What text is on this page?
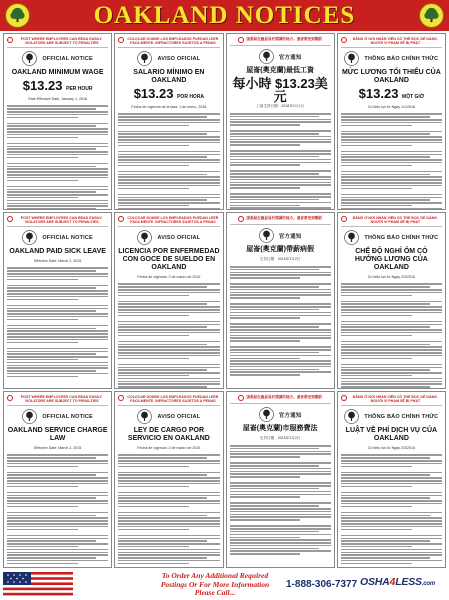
OAKLAND NOTICES
POST WHERE EMPLOYEES CAN READ EASILY. VIOLATORS ARE SUBJECT TO PENALTIES
OFFICIAL NOTICE
OAKLAND MINIMUM WAGE
$13.23 PER HOUR
Rate Effective Date, January 1, 2018
COLOCAR DONDE LOS EMPLEADOS PUEDAN LEER FÁCILMENTE. INFRACTORES SUJETOS A PENAS
AVISO OFICIAL
SALARIO MÍNIMO EN OAKLAND
$13.23 POR HORA
Fecha de vigencia de la tasa: 1 de enero, 2018
請張貼在僱員易於閱讀的地方。違者將受到懲罰
官方通知
屋崙(奧克蘭)最低工資
每小時 $13.23美元
工資生效日期：2018年1月1日
ĐĂNG Ở NƠI NHÂN VIÊN CÓ THỂ ĐỌC DỄ DÀNG. NGƯỜI VI PHẠM SẼ BỊ PHẠT
THÔNG BÁO CHÍNH THỨC
MỨC LƯƠNG TỐI THIỂU CỦA OAKLAND
$13.23 MỘT GIỜ
Có hiệu lực từ Ngày 1/1/2018
POST WHERE EMPLOYEES CAN READ EASILY. VIOLATORS ARE SUBJECT TO PENALTIES
OFFICIAL NOTICE
OAKLAND PAID SICK LEAVE
Effective Date: March 2, 2015
COLOCAR DONDE LOS EMPLEADOS PUEDAN LEER FÁCILMENTE. INFRACTORES SUJETOS A PENAS
AVISO OFICIAL
LICENCIA POR ENFERMEDAD CON GOCE DE SUELDO EN OAKLAND
Fecha de vigencia: 2 de marzo de 2015
請張貼在僱員易於閱讀的地方。違者將受到懲罰
官方通知
屋崙(奧克蘭)帶薪病假
生效日期：2015年3月2日
ĐĂNG Ở NƠI NHÂN VIÊN CÓ THỂ ĐỌC DỄ DÀNG. NGƯỜI VI PHẠM SẼ BỊ PHẠT
THÔNG BÁO CHÍNH THỨC
CHẾ ĐỘ NGHỈ ỐM CÓ HƯỞNG LƯƠNG CỦA OAKLAND
Có hiệu lực từ Ngày 2/3/2015
POST WHERE EMPLOYEES CAN READ EASILY. VIOLATORS ARE SUBJECT TO PENALTIES
OFFICIAL NOTICE
OAKLAND SERVICE CHARGE LAW
Effective Date: March 2, 2015
COLOCAR DONDE LOS EMPLEADOS PUEDAN LEER FÁCILMENTE. INFRACTORES SUJETOS A PENAS
AVISO OFICIAL
LEY DE CARGO POR SERVICIO EN OAKLAND
Fecha de vigencia: 2 de marzo de 2015
請張貼在僱員易於閱讀的地方。違者將受到懲罰
官方通知
屋崙(奧克蘭)市服務費法
生效日期：2015年3月2日
ĐĂNG Ở NƠI NHÂN VIÊN CÓ THỂ ĐỌC DỄ DÀNG. NGƯỜI VI PHẠM SẼ BỊ PHẠT
THÔNG BÁO CHÍNH THỨC
LUẬT VỀ PHÍ DỊCH VỤ CỦA OAKLAND
Có hiệu lực từ Ngày 2/3/2015
To Order Any Additional Required Postings Or For More Information Please Call...
1-888-306-7377 OSHA4LESS.com
